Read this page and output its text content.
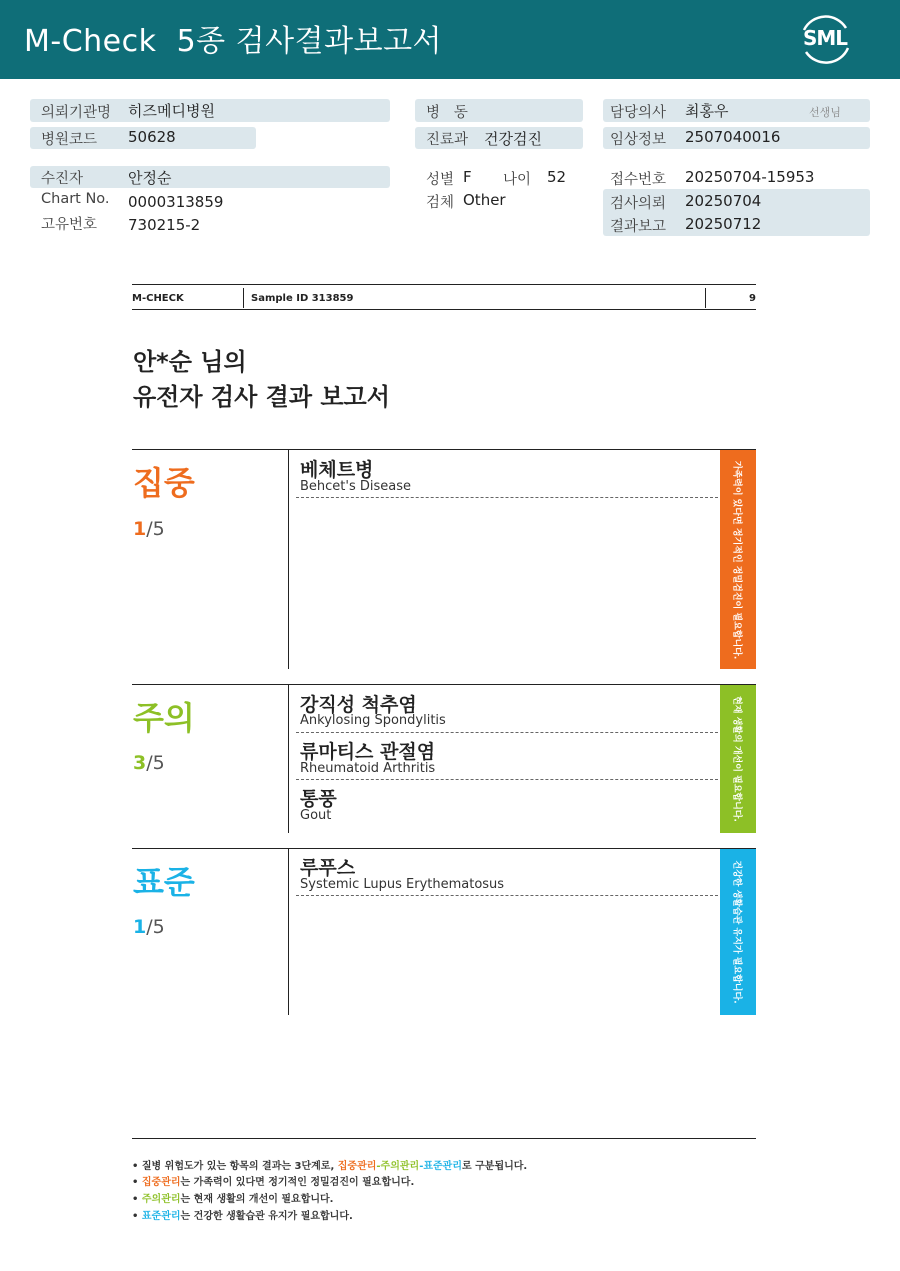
M-Check  5종 검사결과보고서	SML
의뢰기관명 히즈메디병원	병   동	담당의사 최홍우	선생님
병원코드 50628	진료과 건강검진	임상정보 2507040016
수진자	안정순	성별 F 나이 52	접수번호 20250704-15953
Chart No. 0000313859	검체 Other	검사의뢰 20250704
결과보고 20250712
고유번호 730215-2
M-CHECK	Sample ID 313859	9
안*순 님의
유전자 검사 결과 보고서
집중
1/5
베체트병
Behcet's Disease	가족력이 있다면 정기적인 정밀검진이 필요합니다.
주의
3/5
강직성 척추염
Ankylosing Spondylitis
류마티스 관절염
Rheumatoid Arthritis
통풍
Gout	현재 생활의 개선이 필요합니다.
표준
1/5
루푸스
Systemic Lupus Erythematosus	건강한 생활습관 유지가 필요합니다.
• 질병 위험도가 있는 항목의 결과는 3단계로, 집중관리-주의관리-표준관리로 구분됩니다.
• 집중관리는 가족력이 있다면 정기적인 정밀검진이 필요합니다.
• 주의관리는 현재 생활의 개선이 필요합니다.
• 표준관리는 건강한 생활습관 유지가 필요합니다.
